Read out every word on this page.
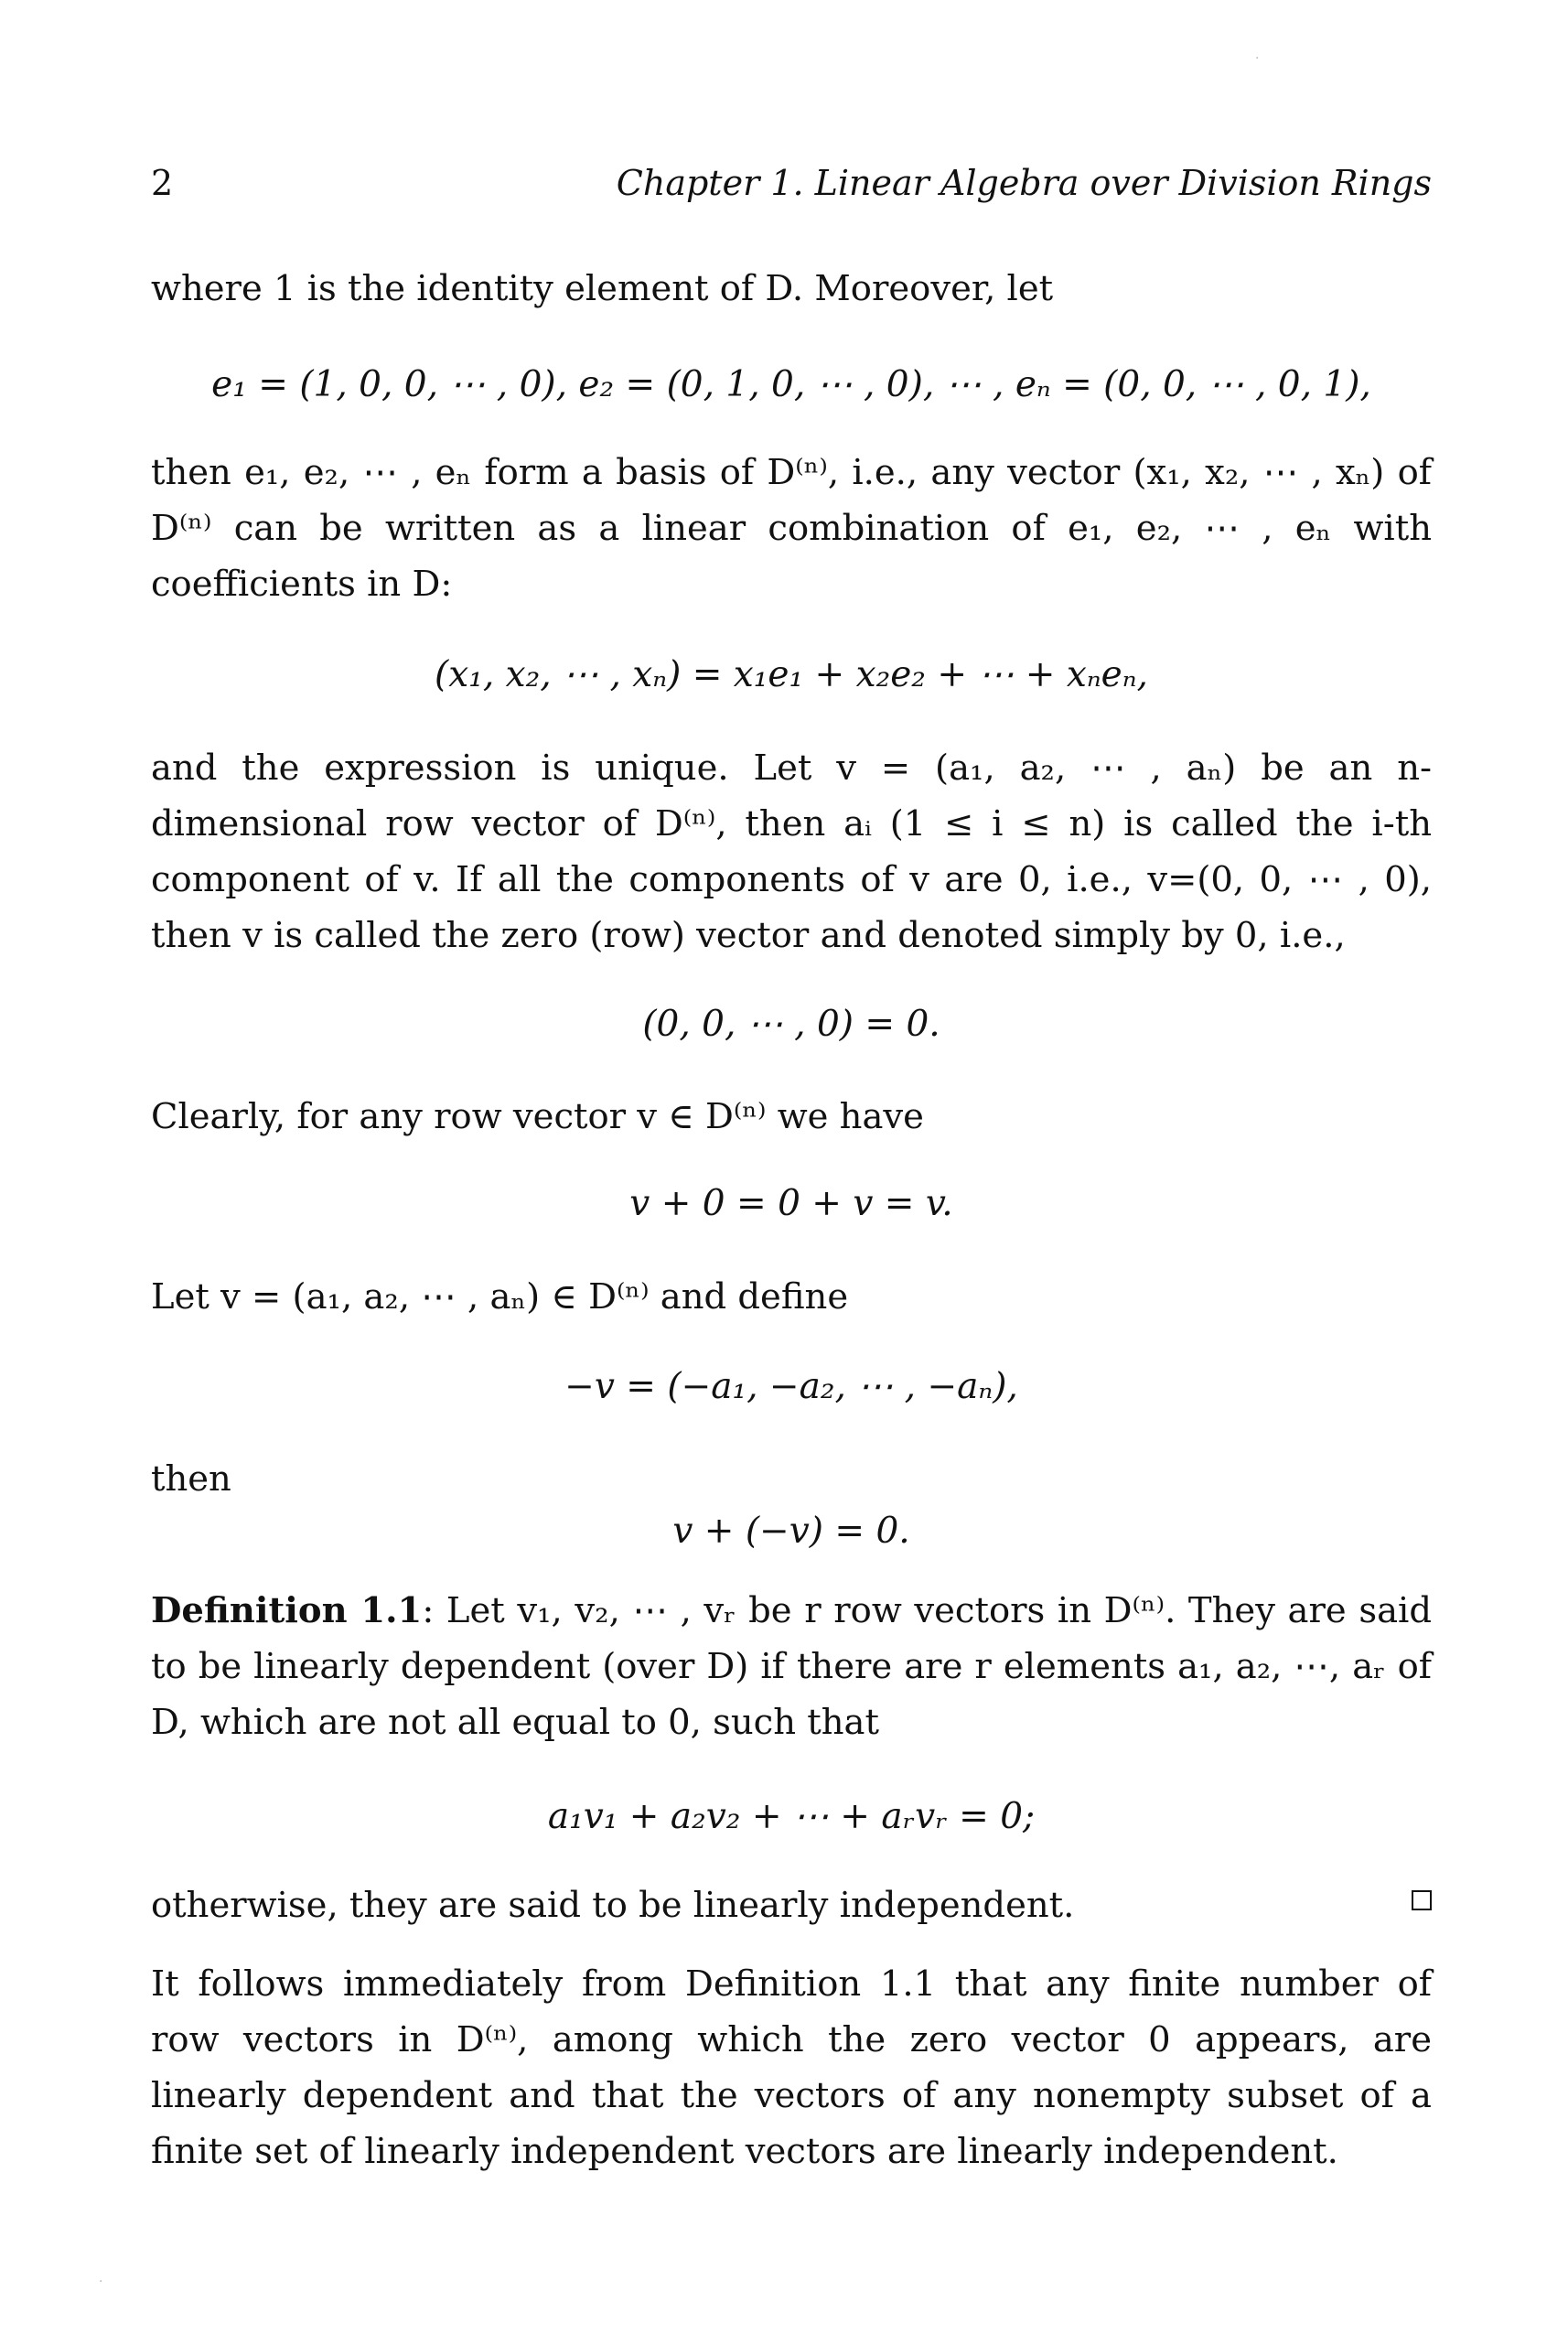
·
2	Chapter 1. Linear Algebra over Division Rings
where 1 is the identity element of D. Moreover, let
e₁ = (1, 0, 0, ⋯ , 0), e₂ = (0, 1, 0, ⋯ , 0), ⋯ , eₙ = (0, 0, ⋯ , 0, 1),
then e₁, e₂, ⋯ , eₙ form a basis of D⁽ⁿ⁾, i.e., any vector (x₁, x₂, ⋯ , xₙ) of D⁽ⁿ⁾ can be written as a linear combination of e₁, e₂, ⋯ , eₙ with coefficients in D:
(x₁, x₂, ⋯ , xₙ) = x₁e₁ + x₂e₂ + ⋯ + xₙeₙ,
and the expression is unique. Let v = (a₁, a₂, ⋯ , aₙ) be an n-dimensional row vector of D⁽ⁿ⁾, then aᵢ (1 ≤ i ≤ n) is called the i-th component of v. If all the components of v are 0, i.e., v=(0, 0, ⋯ , 0), then v is called the zero (row) vector and denoted simply by 0, i.e.,
(0, 0, ⋯ , 0) = 0.
Clearly, for any row vector v ∈ D⁽ⁿ⁾ we have
v + 0 = 0 + v = v.
Let v = (a₁, a₂, ⋯ , aₙ) ∈ D⁽ⁿ⁾ and define
−v = (−a₁, −a₂, ⋯ , −aₙ),
then
v + (−v) = 0.
Definition 1.1: Let v₁, v₂, ⋯ , vᵣ be r row vectors in D⁽ⁿ⁾. They are said to be linearly dependent (over D) if there are r elements a₁, a₂, ⋯, aᵣ of D, which are not all equal to 0, such that
a₁v₁ + a₂v₂ + ⋯ + aᵣvᵣ = 0;
otherwise, they are said to be linearly independent.
It follows immediately from Definition 1.1 that any finite number of row vectors in D⁽ⁿ⁾, among which the zero vector 0 appears, are linearly dependent and that the vectors of any nonempty subset of a finite set of linearly independent vectors are linearly independent.
·
